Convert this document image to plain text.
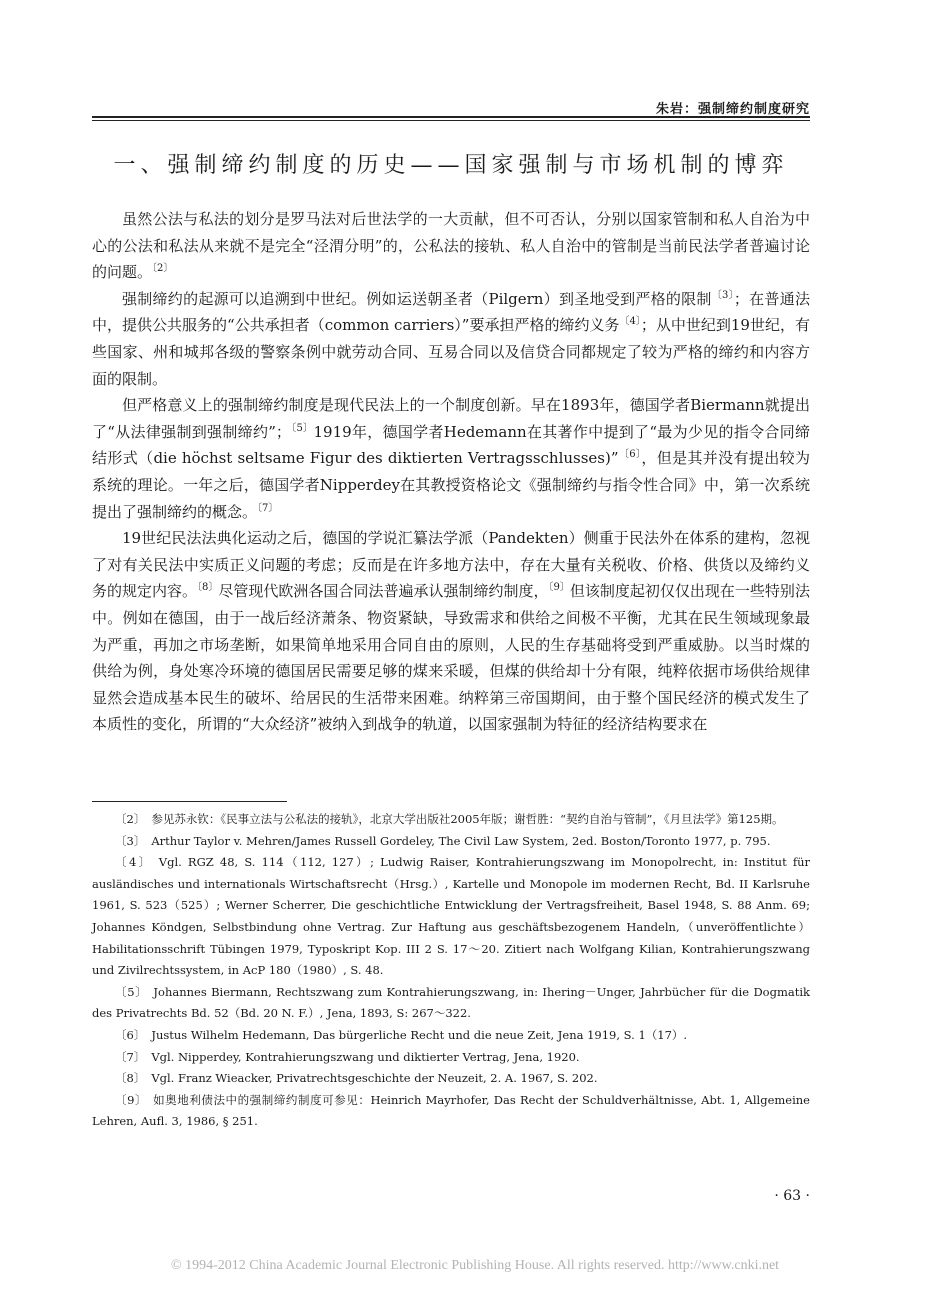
朱岩：强制缔约制度研究
一、强制缔约制度的历史——国家强制与市场机制的博弈

虽然公法与私法的划分是罗马法对后世法学的一大贡献，但不可否认，分别以国家管制和私人自治为中心的公法和私法从来就不是完全“泾渭分明”的，公私法的接轨、私人自治中的管制是当前民法学者普遍讨论的问题。$^{〔2〕}$

强制缔约的起源可以追溯到中世纪。例如运送朝圣者（Pilgern）到圣地受到严格的限制$^{〔3〕}$；在普通法中，提供公共服务的“公共承担者（common carriers）”要承担严格的缔约义务$^{〔4〕}$；从中世纪到19世纪，有些国家、州和城邦各级的警察条例中就劳动合同、互易合同以及信贷合同都规定了较为严格的缔约和内容方面的限制。

但严格意义上的强制缔约制度是现代民法上的一个制度创新。早在1893年，德国学者Biermann就提出了“从法律强制到强制缔约”；$^{〔5〕}$1919年，德国学者Hedemann在其著作中提到了“最为少见的指令合同缔结形式（die höchst seltsame Figur des diktierten Vertragsschlusses)”$^{〔6〕}$，但是其并没有提出较为系统的理论。一年之后，德国学者Nipperdey在其教授资格论文《强制缔约与指令性合同》中，第一次系统提出了强制缔约的概念。$^{〔7〕}$

19世纪民法法典化运动之后，德国的学说汇纂法学派（Pandekten）侧重于民法外在体系的建构，忽视了对有关民法中实质正义问题的考虑；反而是在许多地方法中，存在大量有关税收、价格、供货以及缔约义务的规定内容。$^{〔8〕}$尽管现代欧洲各国合同法普遍承认强制缔约制度，$^{〔9〕}$但该制度起初仅仅出现在一些特别法中。例如在德国，由于一战后经济萧条、物资紧缺，导致需求和供给之间极不平衡，尤其在民生领域现象最为严重，再加之市场垄断，如果简单地采用合同自由的原则，人民的生存基础将受到严重威胁。以当时煤的供给为例，身处寒冷环境的德国居民需要足够的煤来采暖，但煤的供给却十分有限，纯粹依据市场供给规律显然会造成基本民生的破坏、给居民的生活带来困难。纳粹第三帝国期间，由于整个国民经济的模式发生了本质性的变化，所谓的“大众经济”被纳入到战争的轨道，以国家强制为特征的经济结构要求在

〔2〕 参见苏永钦：《民事立法与公私法的接轨》，北京大学出版社2005年版；谢哲胜：“契约自治与管制”，《月旦法学》第125期。

〔3〕 Arthur Taylor v. Mehren/James Russell Gordeley, The Civil Law System, 2ed. Boston/Toronto 1977, p. 795.

〔4〕 Vgl. RGZ 48, S. 114（112, 127）; Ludwig Raiser, Kontrahierungszwang im Monopolrecht, in: Institut für ausländisches und internationals Wirtschaftsrecht（Hrsg.）, Kartelle und Monopole im modernen Recht, Bd. II Karlsruhe 1961, S. 523（525）; Werner Scherrer, Die geschichtliche Entwicklung der Vertragsfreiheit, Basel 1948, S. 88 Anm. 69; Johannes Köndgen, Selbstbindung ohne Vertrag. Zur Haftung aus geschäftsbezogenem Handeln,（unveröffentlichte）Habilitationsschrift Tübingen 1979, Typoskript Kop. III 2 S. 17～20. Zitiert nach Wolfgang Kilian, Kontrahierungszwang und Zivilrechtssystem, in AcP 180（1980）, S. 48.

〔5〕 Johannes Biermann, Rechtszwang zum Kontrahierungszwang, in: Ihering－Unger, Jahrbücher für die Dogmatik des Privatrechts Bd. 52（Bd. 20 N. F.）, Jena, 1893, S: 267～322.

〔6〕 Justus Wilhelm Hedemann, Das bürgerliche Recht und die neue Zeit, Jena 1919, S. 1（17）.

〔7〕 Vgl. Nipperdey, Kontrahierungszwang und diktierter Vertrag, Jena, 1920.

〔8〕 Vgl. Franz Wieacker, Privatrechtsgeschichte der Neuzeit, 2. A. 1967, S. 202.

〔9〕 如奥地利债法中的强制缔约制度可参见：Heinrich Mayrhofer, Das Recht der Schuldverhältnisse, Abt. 1, Allgemeine Lehren, Aufl. 3, 1986, § 251.

· 63 ·
© 1994-2012 China Academic Journal Electronic Publishing House. All rights reserved. http://www.cnki.net
